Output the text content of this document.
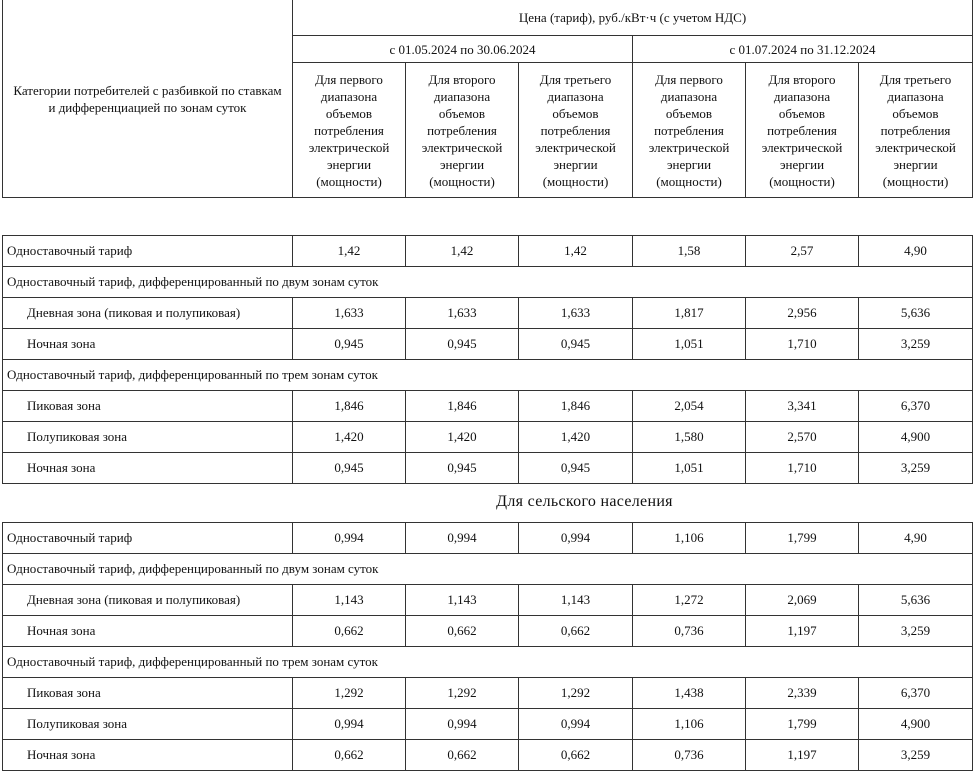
Категории потребителей с разбивкой по ставкам и дифференциацией по зонам суток	Цена (тариф), руб./кВт·ч (с учетом НДС)					
	с 01.05.2024 по 30.06.2024			с 01.07.2024 по 31.12.2024		
	Для первого диапазона объемов потребления электрической энергии (мощности)	Для второго диапазона объемов потребления электрической энергии (мощности)	Для третьего диапазона объемов потребления электрической энергии (мощности)	Для первого диапазона объемов потребления электрической энергии (мощности)	Для второго диапазона объемов потребления электрической энергии (мощности)	Для третьего диапазона объемов потребления электрической энергии (мощности)
Одноставочный тариф	1,42	1,42	1,42	1,58	2,57	4,90
Одноставочный тариф, дифференцированный по двум зонам суток						
Дневная зона (пиковая и полупиковая)	1,633	1,633	1,633	1,817	2,956	5,636
Ночная зона	0,945	0,945	0,945	1,051	1,710	3,259
Одноставочный тариф, дифференцированный по трем зонам суток						
Пиковая зона	1,846	1,846	1,846	2,054	3,341	6,370
Полупиковая зона	1,420	1,420	1,420	1,580	2,570	4,900
Ночная зона	0,945	0,945	0,945	1,051	1,710	3,259
Для сельского населения
Одноставочный тариф	0,994	0,994	0,994	1,106	1,799	4,90
Одноставочный тариф, дифференцированный по двум зонам суток						
Дневная зона (пиковая и полупиковая)	1,143	1,143	1,143	1,272	2,069	5,636
Ночная зона	0,662	0,662	0,662	0,736	1,197	3,259
Одноставочный тариф, дифференцированный по трем зонам суток						
Пиковая зона	1,292	1,292	1,292	1,438	2,339	6,370
Полупиковая зона	0,994	0,994	0,994	1,106	1,799	4,900
Ночная зона	0,662	0,662	0,662	0,736	1,197	3,259
